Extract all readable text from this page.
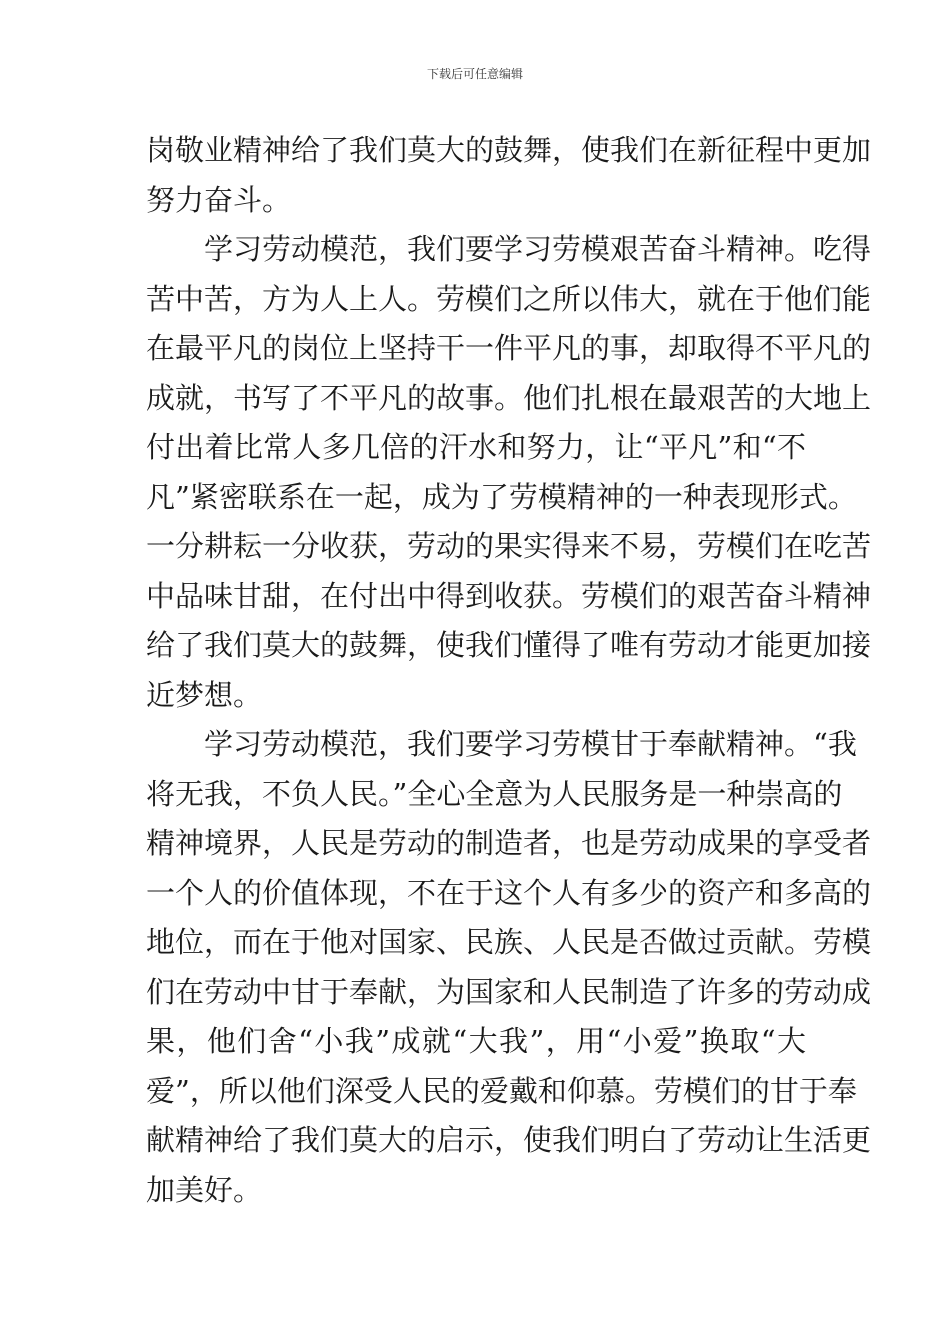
下载后可任意编辑
岗敬业精神给了我们莫大的鼓舞，使我们在新征程中更加
努力奋斗。
　　学习劳动模范，我们要学习劳模艰苦奋斗精神。吃得
苦中苦，方为人上人。劳模们之所以伟大，就在于他们能
在最平凡的岗位上坚持干一件平凡的事，却取得不平凡的
成就，书写了不平凡的故事。他们扎根在最艰苦的大地上
付出着比常人多几倍的汗水和努力，让“平凡”和“不
凡”紧密联系在一起，成为了劳模精神的一种表现形式。
一分耕耘一分收获，劳动的果实得来不易，劳模们在吃苦
中品味甘甜，在付出中得到收获。劳模们的艰苦奋斗精神
给了我们莫大的鼓舞，使我们懂得了唯有劳动才能更加接
近梦想。
　　学习劳动模范，我们要学习劳模甘于奉献精神。“我
将无我，不负人民。”全心全意为人民服务是一种崇高的
精神境界，人民是劳动的制造者，也是劳动成果的享受者
一个人的价值体现，不在于这个人有多少的资产和多高的
地位，而在于他对国家、民族、人民是否做过贡献。劳模
们在劳动中甘于奉献，为国家和人民制造了许多的劳动成
果，他们舍“小我”成就“大我”，用“小爱”换取“大
爱”，所以他们深受人民的爱戴和仰慕。劳模们的甘于奉
献精神给了我们莫大的启示，使我们明白了劳动让生活更
加美好。
